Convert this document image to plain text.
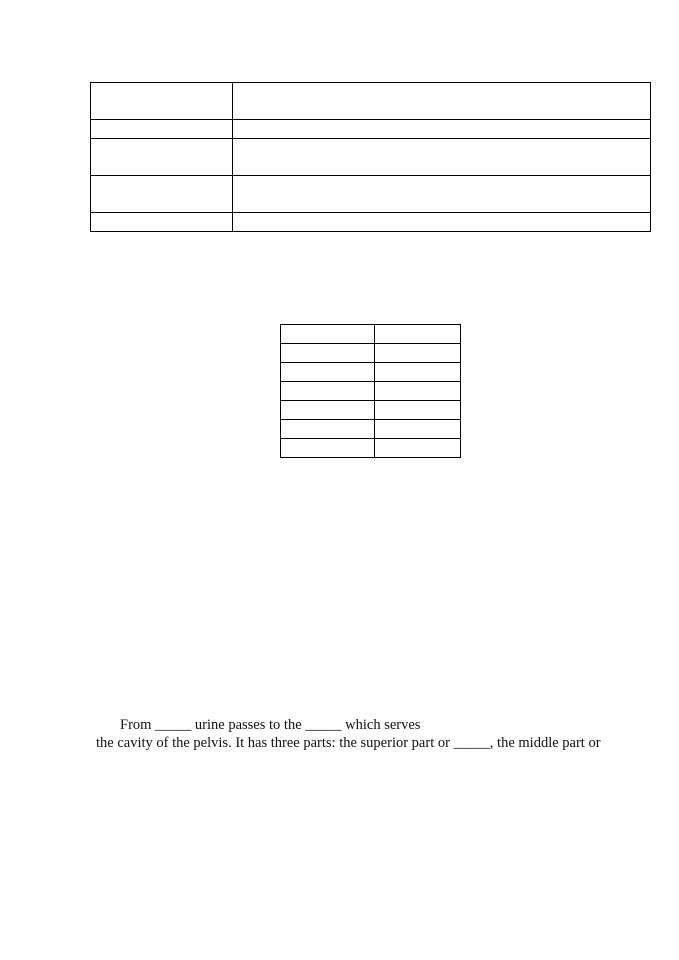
From _____ urine passes to the _____ which serves
the cavity of the pelvis. It has three parts: the superior part or _____, the middle part or
